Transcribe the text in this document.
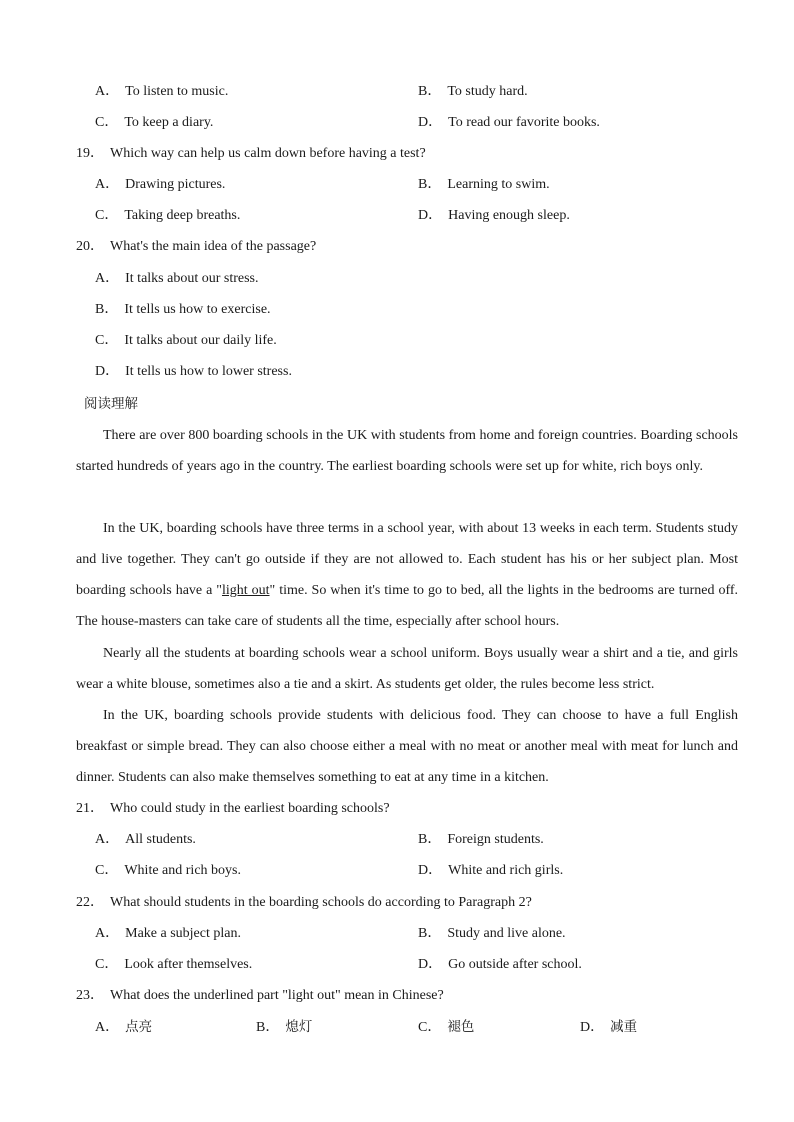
A． To listen to music.	B． To study hard.
C． To keep a diary.	D． To read our favorite books.
19． Which way can help us calm down before having a test?
A． Drawing pictures.	B． Learning to swim.
C． Taking deep breaths.	D． Having enough sleep.
20． What's the main idea of the passage?
A． It talks about our stress.
B． It tells us how to exercise.
C． It talks about our daily life.
D． It tells us how to lower stress.
阅读理解
There are over 800 boarding schools in the UK with students from home and foreign countries. Boarding schools started hundreds of years ago in the country. The earliest boarding schools were set up for white, rich boys only.
In the UK, boarding schools have three terms in a school year, with about 13 weeks in each term. Students study and live together. They can't go outside if they are not allowed to. Each student has his or her subject plan. Most boarding schools have a "light out" time. So when it's time to go to bed, all the lights in the bedrooms are turned off. The house-masters can take care of students all the time, especially after school hours.
Nearly all the students at boarding schools wear a school uniform. Boys usually wear a shirt and a tie, and girls wear a white blouse, sometimes also a tie and a skirt. As students get older, the rules become less strict.
In the UK, boarding schools provide students with delicious food. They can choose to have a full English breakfast or simple bread. They can also choose either a meal with no meat or another meal with meat for lunch and dinner. Students can also make themselves something to eat at any time in a kitchen.
21． Who could study in the earliest boarding schools?
A． All students.	B． Foreign students.
C． White and rich boys.	D． White and rich girls.
22． What should students in the boarding schools do according to Paragraph 2?
A． Make a subject plan.	B． Study and live alone.
C． Look after themselves.	D． Go outside after school.
23． What does the underlined part "light out" mean in Chinese?
A． 点亮	B． 熄灯	C． 褪色	D． 减重
